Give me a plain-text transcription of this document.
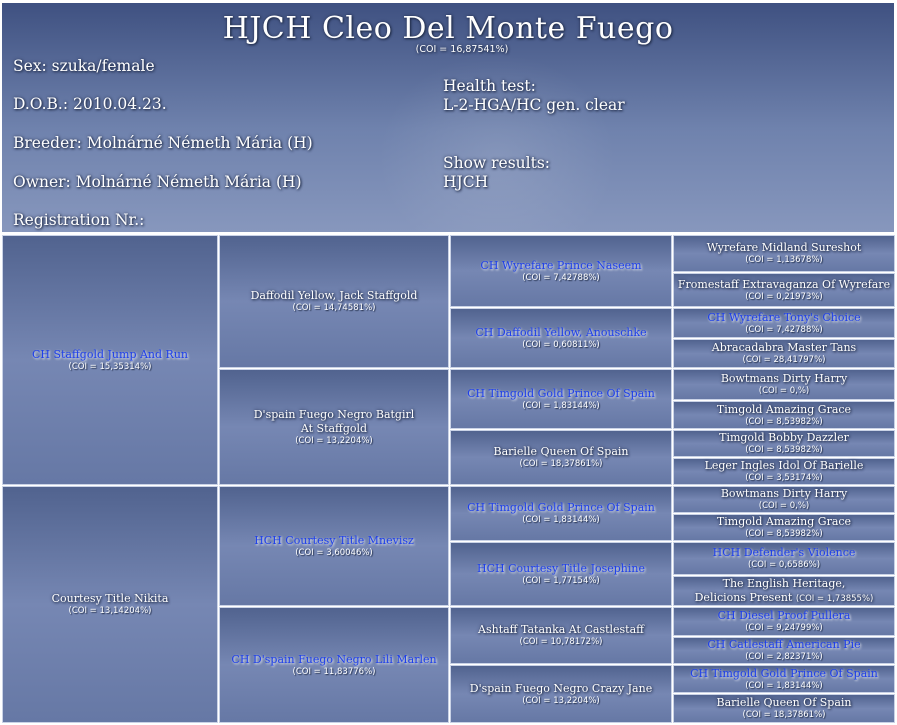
HJCH Cleo Del Monte Fuego
(COI = 16,87541%)
Sex: szuka/female
D.O.B.: 2010.04.23.
Breeder: Molnárné Németh Mária (H)
Owner: Molnárné Németh Mária (H)
Registration Nr.:
Health test:
L-2-HGA/HC gen. clear
Show results:
HJCH
CH Staffgold Jump And Run
(COI = 15,35314%)
Courtesy Title Nikita
(COI = 13,14204%)
Daffodil Yellow, Jack Staffgold
(COI = 14,74581%)
D'spain Fuego Negro Batgirl
At Staffgold
(COI = 13,2204%)
HCH Courtesy Title Mnevisz
(COI = 3,60046%)
CH D'spain Fuego Negro Lili Marlen
(COI = 11,83776%)
CH Wyrefare Prince Naseem
(COI = 7,42788%)
CH Daffodil Yellow, Anouschke
(COI = 0,60811%)
CH Timgold Gold Prince Of Spain
(COI = 1,83144%)
Barielle Queen Of Spain
(COI = 18,37861%)
CH Timgold Gold Prince Of Spain
(COI = 1,83144%)
HCH Courtesy Title Josephine
(COI = 1,77154%)
Ashtaff Tatanka At Castlestaff
(COI = 10,78172%)
D'spain Fuego Negro Crazy Jane
(COI = 13,2204%)
Wyrefare Midland Sureshot
(COI = 1,13678%)
Fromestaff Extravaganza Of Wyrefare
(COI = 0,21973%)
CH Wyrefare Tony's Choice
(COI = 7,42788%)
Abracadabra Master Tans
(COI = 28,41797%)
Bowtmans Dirty Harry
(COI = 0,%)
Timgold Amazing Grace
(COI = 8,53982%)
Timgold Bobby Dazzler
(COI = 8,53982%)
Leger Ingles Idol Of Barielle
(COI = 3,53174%)
Bowtmans Dirty Harry
(COI = 0,%)
Timgold Amazing Grace
(COI = 8,53982%)
HCH Defender's Violence
(COI = 0,6586%)
The English Heritage,
Delicions Present (COI = 1,73855%)
CH Diesel Proof Pullera
(COI = 9,24799%)
CH Catlestaff American Pie
(COI = 2,82371%)
CH Timgold Gold Prince Of Spain
(COI = 1,83144%)
Barielle Queen Of Spain
(COI = 18,37861%)
